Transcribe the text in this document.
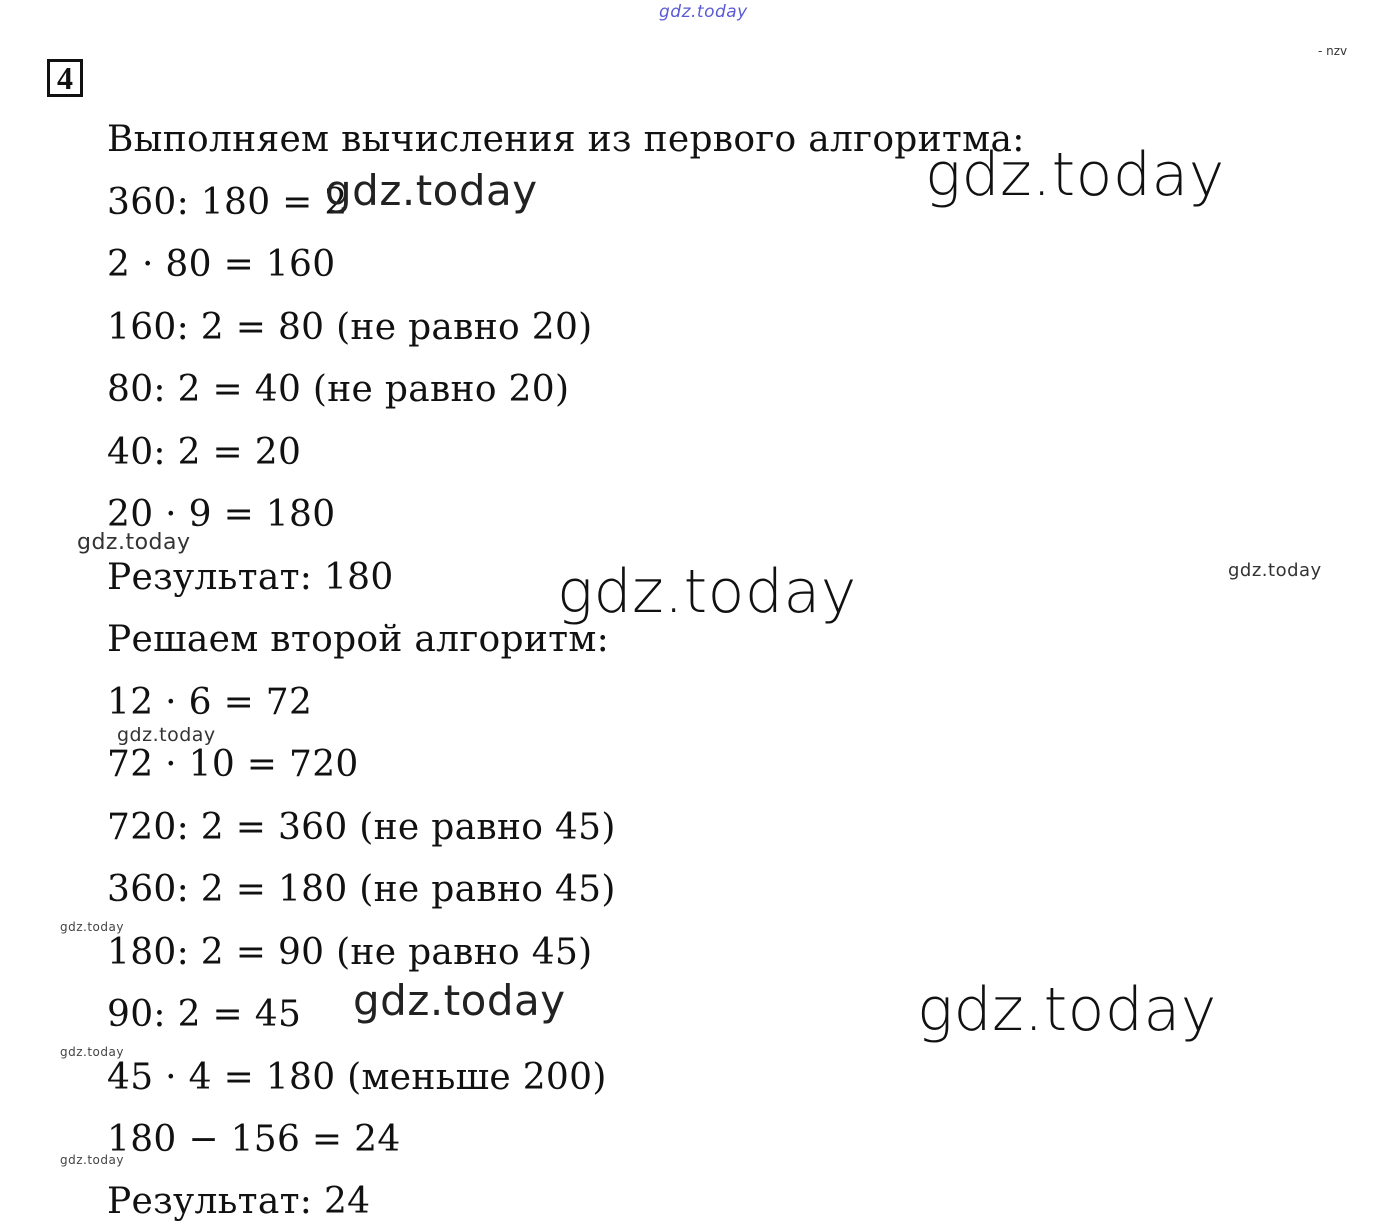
gdz.today
- nzv
4
Выполняем вычисления из первого алгоритма:
360: 180 = 2
2 · 80 = 160
160: 2 = 80 (не равно 20)
80: 2 = 40 (не равно 20)
40: 2 = 20
20 · 9 = 180
Результат: 180
Решаем второй алгоритм:
12 · 6 = 72
72 · 10 = 720
720: 2 = 360 (не равно 45)
360: 2 = 180 (не равно 45)
180: 2 = 90 (не равно 45)
90: 2 = 45
45 · 4 = 180 (меньше 200)
180 − 156 = 24
Результат: 24
gdz.today
gdz.today
gdz.today
gdz.today	gdz.today
gdz.today
gdz.today
gdz.today	gdz.today
gdz.today
gdz.today
